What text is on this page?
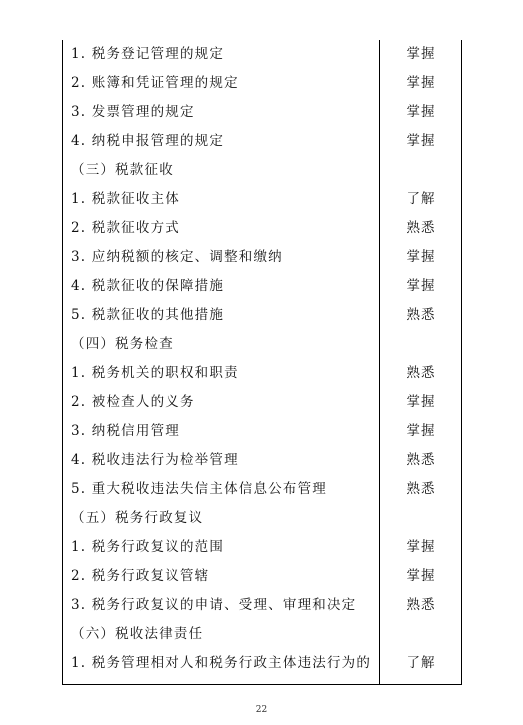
1. 税务登记管理的规定	掌握
2. 账簿和凭证管理的规定	掌握
3. 发票管理的规定	掌握
4. 纳税申报管理的规定	掌握
（三）税款征收
1. 税款征收主体	了解
2. 税款征收方式	熟悉
3. 应纳税额的核定、调整和缴纳	掌握
4. 税款征收的保障措施	掌握
5. 税款征收的其他措施	熟悉
（四）税务检查
1. 税务机关的职权和职责	熟悉
2. 被检查人的义务	掌握
3. 纳税信用管理	掌握
4. 税收违法行为检举管理	熟悉
5. 重大税收违法失信主体信息公布管理	熟悉
（五）税务行政复议
1. 税务行政复议的范围	掌握
2. 税务行政复议管辖	掌握
3. 税务行政复议的申请、受理、审理和决定	熟悉
（六）税收法律责任
1. 税务管理相对人和税务行政主体违法行为的	了解
22
